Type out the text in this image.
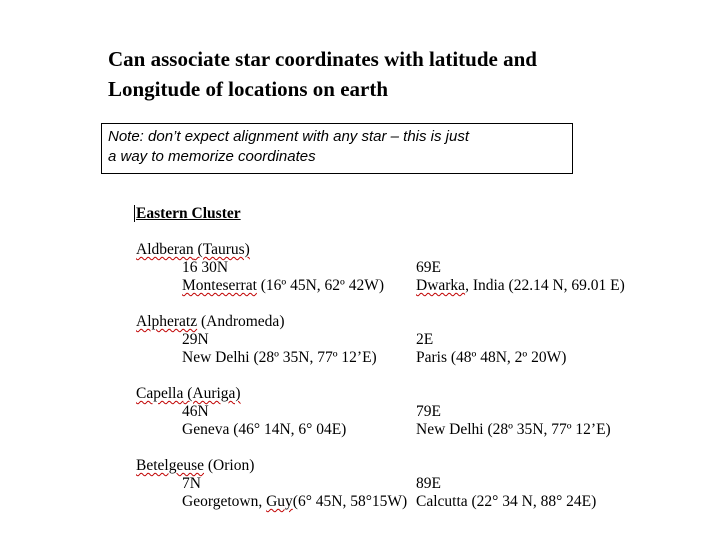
Can associate star coordinates with latitude and
Longitude of locations on earth
Note: don’t expect alignment with any star – this is just
a way to memorize coordinates
Eastern Cluster
Aldberan (Taurus)
16 30N
Monteserrat (16º 45N, 62º 42W)
69E
Dwarka, India (22.14 N, 69.01 E)
Alpheratz (Andromeda)
29N
New Delhi (28º 35N, 77º 12’E)
2E
Paris (48º 48N, 2º 20W)
Capella (Auriga)
46N
Geneva (46° 14N, 6° 04E)
79E
New Delhi (28º 35N, 77º 12’E)
Betelgeuse (Orion)
7N
Georgetown, Guy(6° 45N, 58°15W)
89E
Calcutta (22° 34 N, 88° 24E)
